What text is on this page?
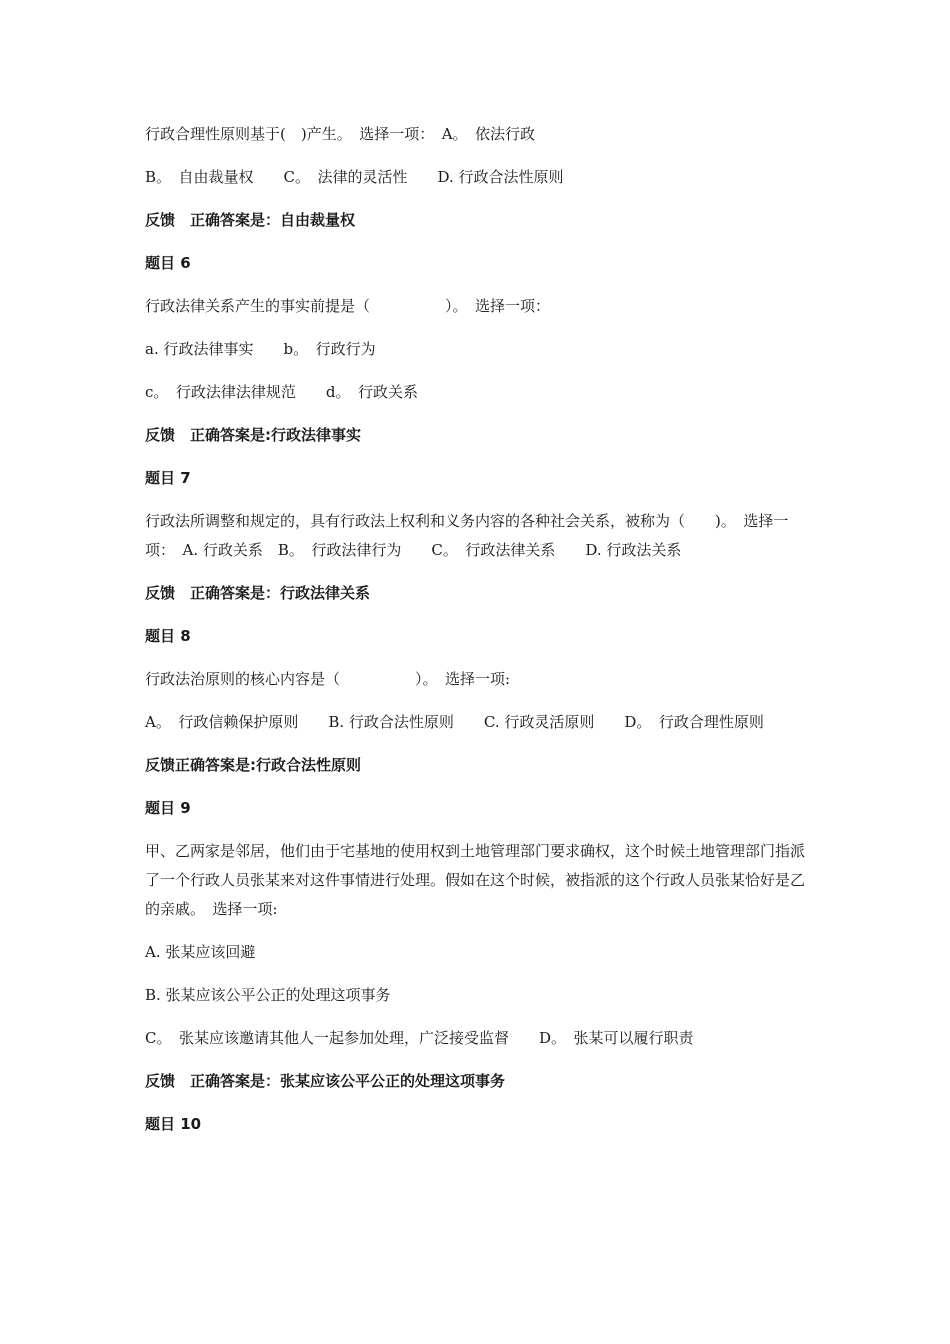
行政合理性原则基于(　)产生。　选择一项：　A。　依法行政

B。　自由裁量权　　C。　法律的灵活性　　D. 行政合法性原则

反馈　正确答案是：自由裁量权

题目 6

行政法律关系产生的事实前提是（　　　　　）。　选择一项：

a. 行政法律事实　　b。　行政行为

c。　行政法律法律规范　　d。　行政关系

反馈　正确答案是:行政法律事实

题目 7

行政法所调整和规定的，具有行政法上权利和义务内容的各种社会关系，被称为（　　)。　选择一项：　A. 行政关系　B。　行政法律行为　　C。　行政法律关系　　D. 行政法关系

反馈　正确答案是：行政法律关系

题目 8

行政法治原则的核心内容是（　　　　　）。　选择一项:

A。　行政信赖保护原则　　B. 行政合法性原则　　C. 行政灵活原则　　D。　行政合理性原则

反馈正确答案是:行政合法性原则

题目 9

甲、乙两家是邻居，他们由于宅基地的使用权到土地管理部门要求确权，这个时候土地管理部门指派了一个行政人员张某来对这件事情进行处理。假如在这个时候，被指派的这个行政人员张某恰好是乙的亲戚。　选择一项:

A. 张某应该回避

B. 张某应该公平公正的处理这项事务

C。　张某应该邀请其他人一起参加处理，广泛接受监督　　D。　张某可以履行职责

反馈　正确答案是：张某应该公平公正的处理这项事务

题目 10
